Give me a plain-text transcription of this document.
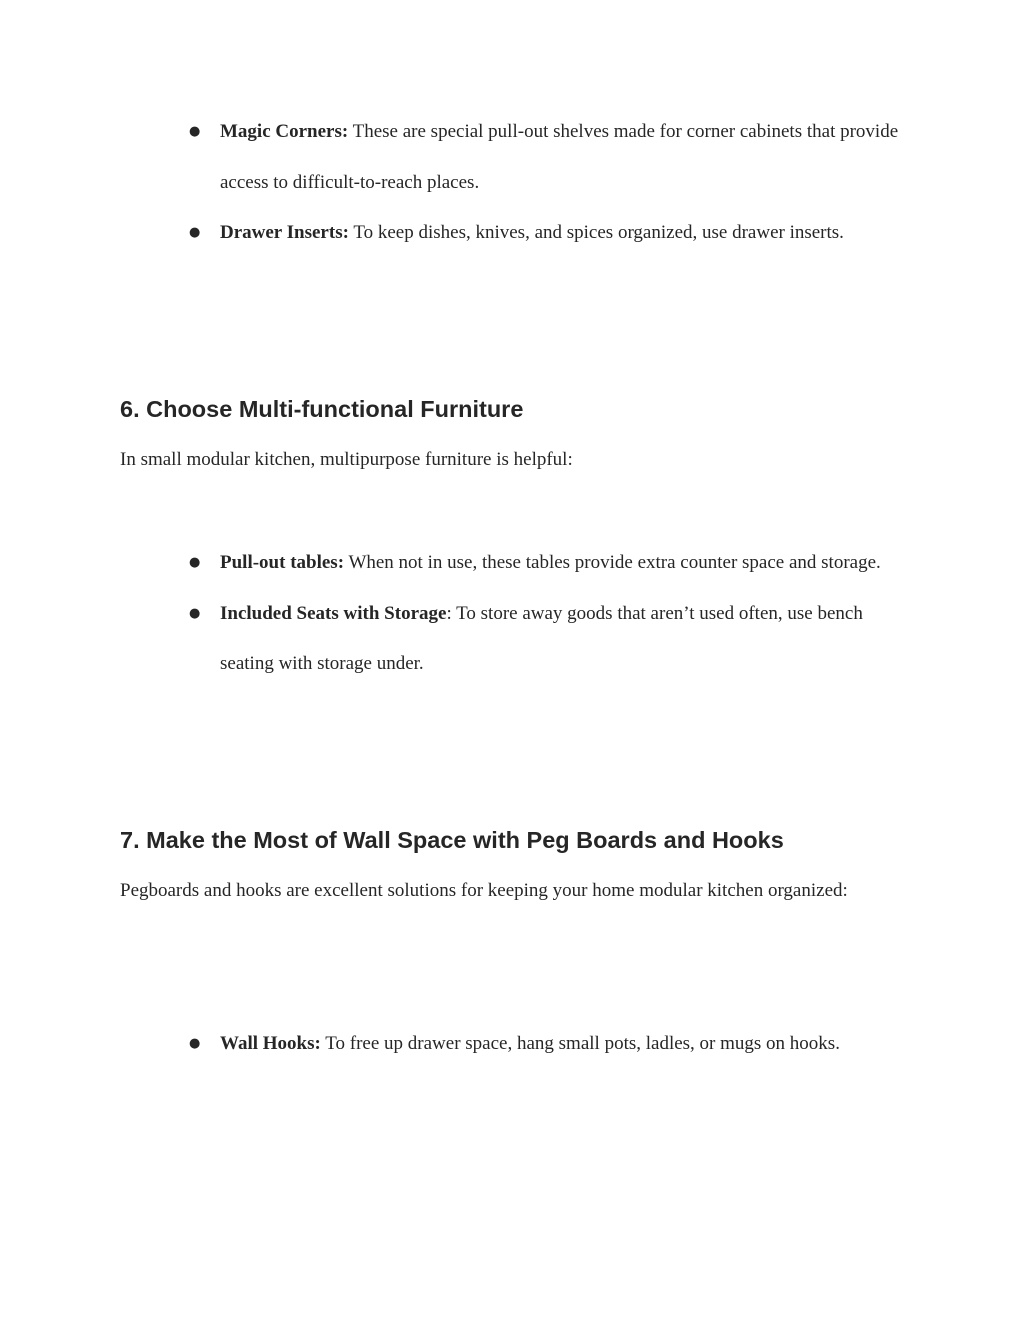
● Magic Corners: These are special pull-out shelves made for corner cabinets that provide access to difficult-to-reach places.
● Drawer Inserts: To keep dishes, knives, and spices organized, use drawer inserts.
6. Choose Multi-functional Furniture

In small modular kitchen, multipurpose furniture is helpful:

● Pull-out tables: When not in use, these tables provide extra counter space and storage.
● Included Seats with Storage: To store away goods that aren’t used often, use bench seating with storage under.
7. Make the Most of Wall Space with Peg Boards and Hooks

Pegboards and hooks are excellent solutions for keeping your home modular kitchen organized:

● Wall Hooks: To free up drawer space, hang small pots, ladles, or mugs on hooks.
